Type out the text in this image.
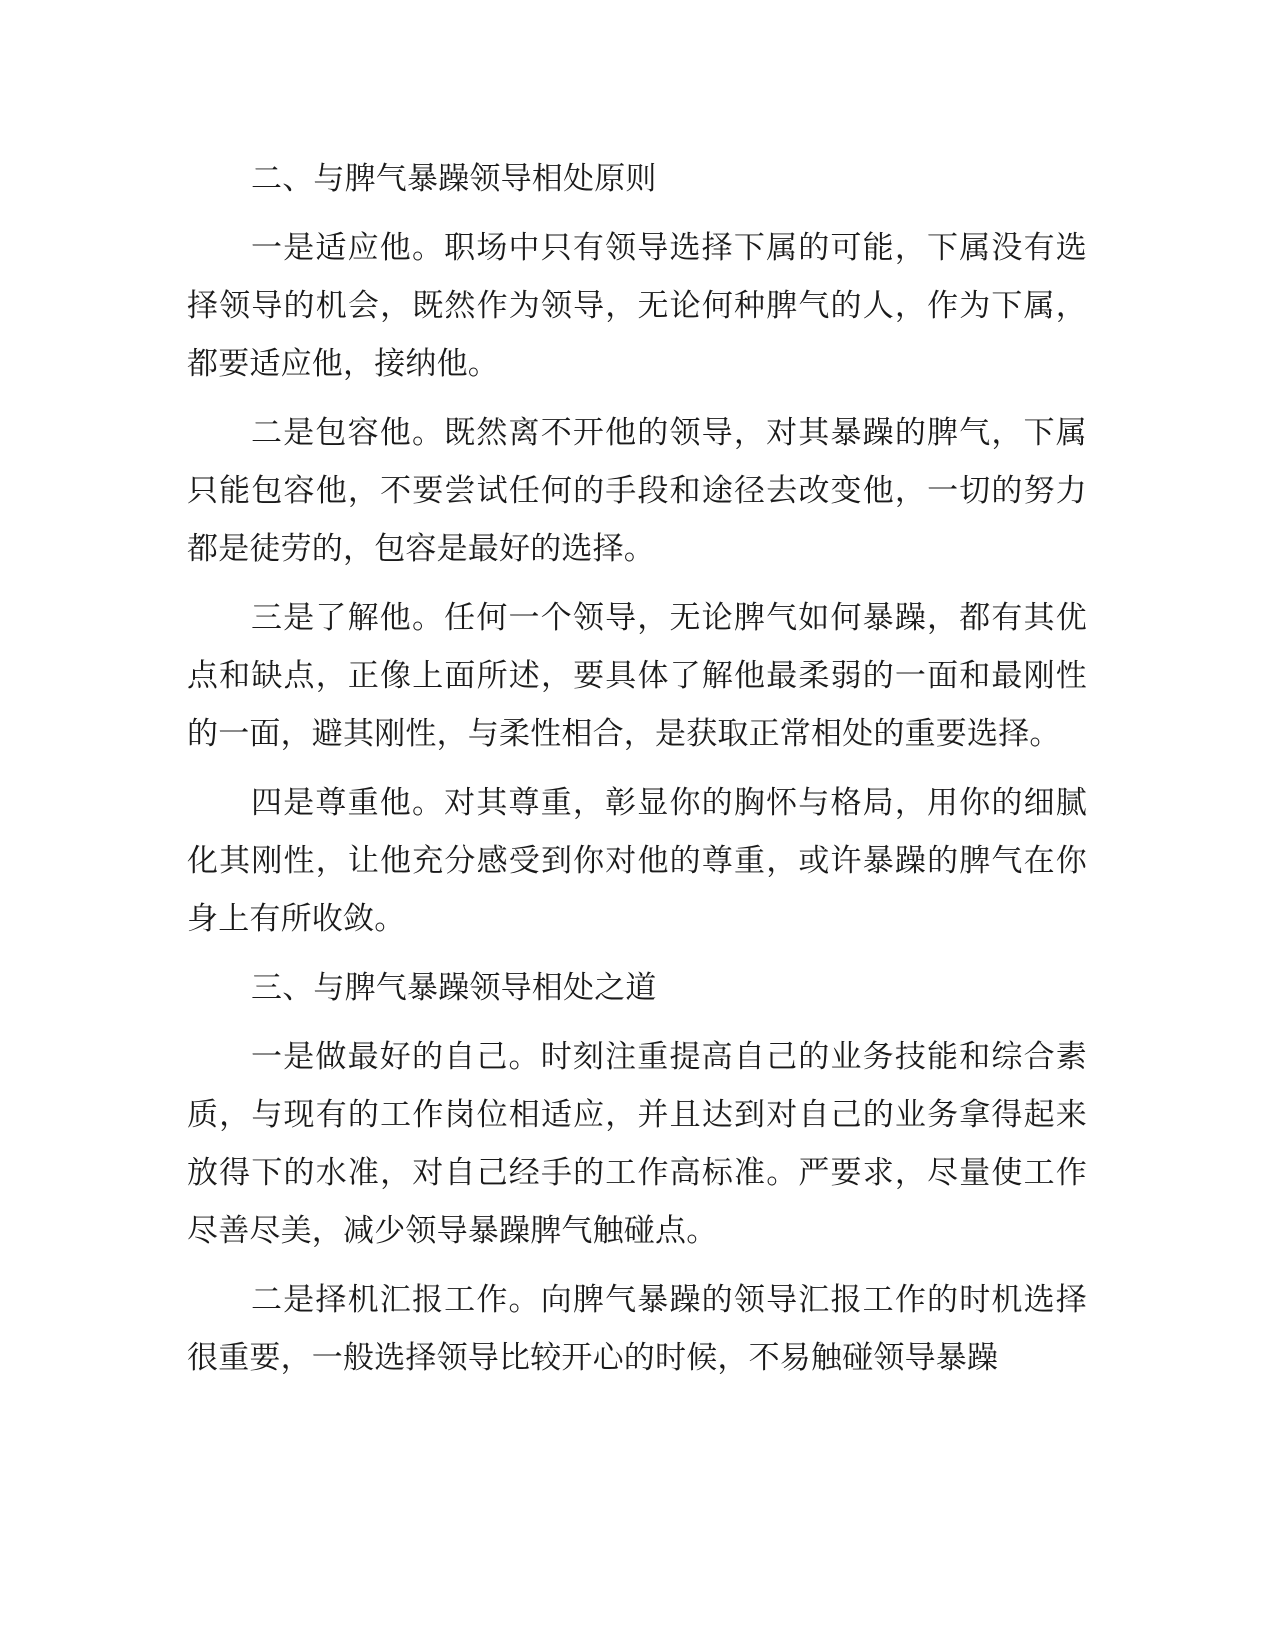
二、与脾气暴躁领导相处原则

一是适应他。职场中只有领导选择下属的可能，下属没有选择领导的机会，既然作为领导，无论何种脾气的人，作为下属，都要适应他，接纳他。

二是包容他。既然离不开他的领导，对其暴躁的脾气，下属只能包容他，不要尝试任何的手段和途径去改变他，一切的努力都是徒劳的，包容是最好的选择。

三是了解他。任何一个领导，无论脾气如何暴躁，都有其优点和缺点，正像上面所述，要具体了解他最柔弱的一面和最刚性的一面，避其刚性，与柔性相合，是获取正常相处的重要选择。

四是尊重他。对其尊重，彰显你的胸怀与格局，用你的细腻化其刚性，让他充分感受到你对他的尊重，或许暴躁的脾气在你身上有所收敛。

三、与脾气暴躁领导相处之道

一是做最好的自己。时刻注重提高自己的业务技能和综合素质，与现有的工作岗位相适应，并且达到对自己的业务拿得起来放得下的水准，对自己经手的工作高标准。严要求，尽量使工作尽善尽美，减少领导暴躁脾气触碰点。

二是择机汇报工作。向脾气暴躁的领导汇报工作的时机选择很重要，一般选择领导比较开心的时候，不易触碰领导暴躁
